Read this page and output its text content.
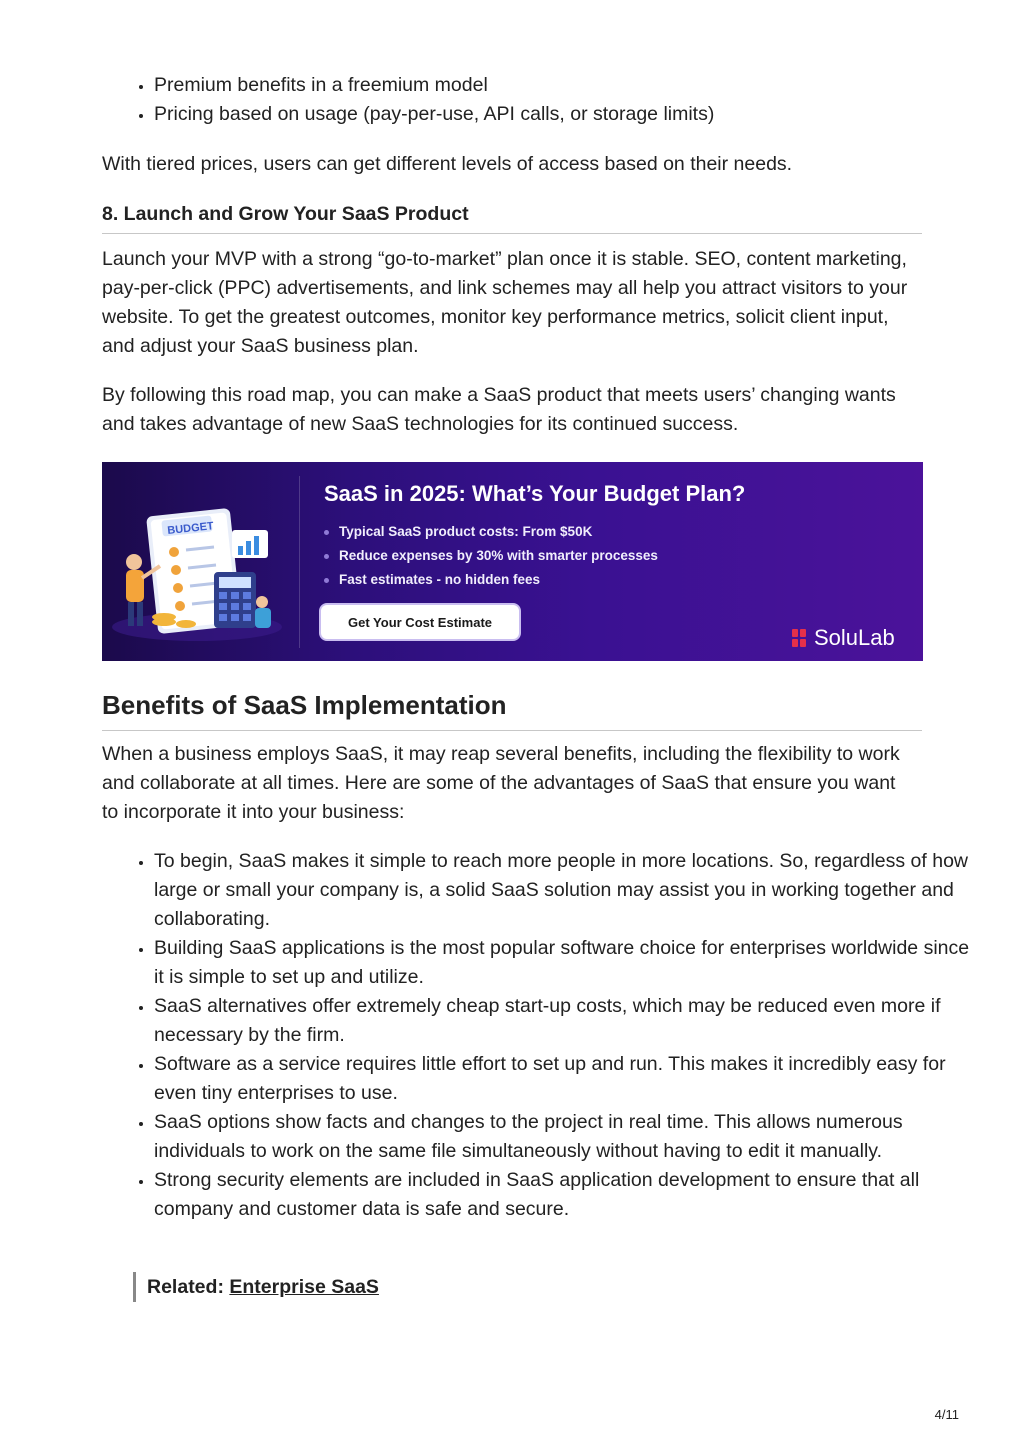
• Premium benefits in a freemium model
• Pricing based on usage (pay-per-use, API calls, or storage limits)

With tiered prices, users can get different levels of access based on their needs.

8. Launch and Grow Your SaaS Product

Launch your MVP with a strong “go-to-market” plan once it is stable. SEO, content marketing, pay-per-click (PPC) advertisements, and link schemes may all help you attract visitors to your website. To get the greatest outcomes, monitor key performance metrics, solicit client input, and adjust your SaaS business plan.

By following this road map, you can make a SaaS product that meets users’ changing wants and takes advantage of new SaaS technologies for its continued success.

Benefits of SaaS Implementation

When a business employs SaaS, it may reap several benefits, including the flexibility to work and collaborate at all times. Here are some of the advantages of SaaS that ensure you want to incorporate it into your business:

• To begin, SaaS makes it simple to reach more people in more locations. So, regardless of how large or small your company is, a solid SaaS solution may assist you in working together and collaborating.
• Building SaaS applications is the most popular software choice for enterprises worldwide since it is simple to set up and utilize.
• SaaS alternatives offer extremely cheap start-up costs, which may be reduced even more if necessary by the firm.
• Software as a service requires little effort to set up and run. This makes it incredibly easy for even tiny enterprises to use.
• SaaS options show facts and changes to the project in real time. This allows numerous individuals to work on the same file simultaneously without having to edit it manually.
• Strong security elements are included in SaaS application development to ensure that all company and customer data is safe and secure.
Related: Enterprise SaaS
BUDGET
SaaS in 2025: What’s Your Budget Plan?
Typical SaaS product costs: From $50K
Reduce expenses by 30% with smarter processes
Fast estimates - no hidden fees
Get Your Cost Estimate
SoluLab
4/11
